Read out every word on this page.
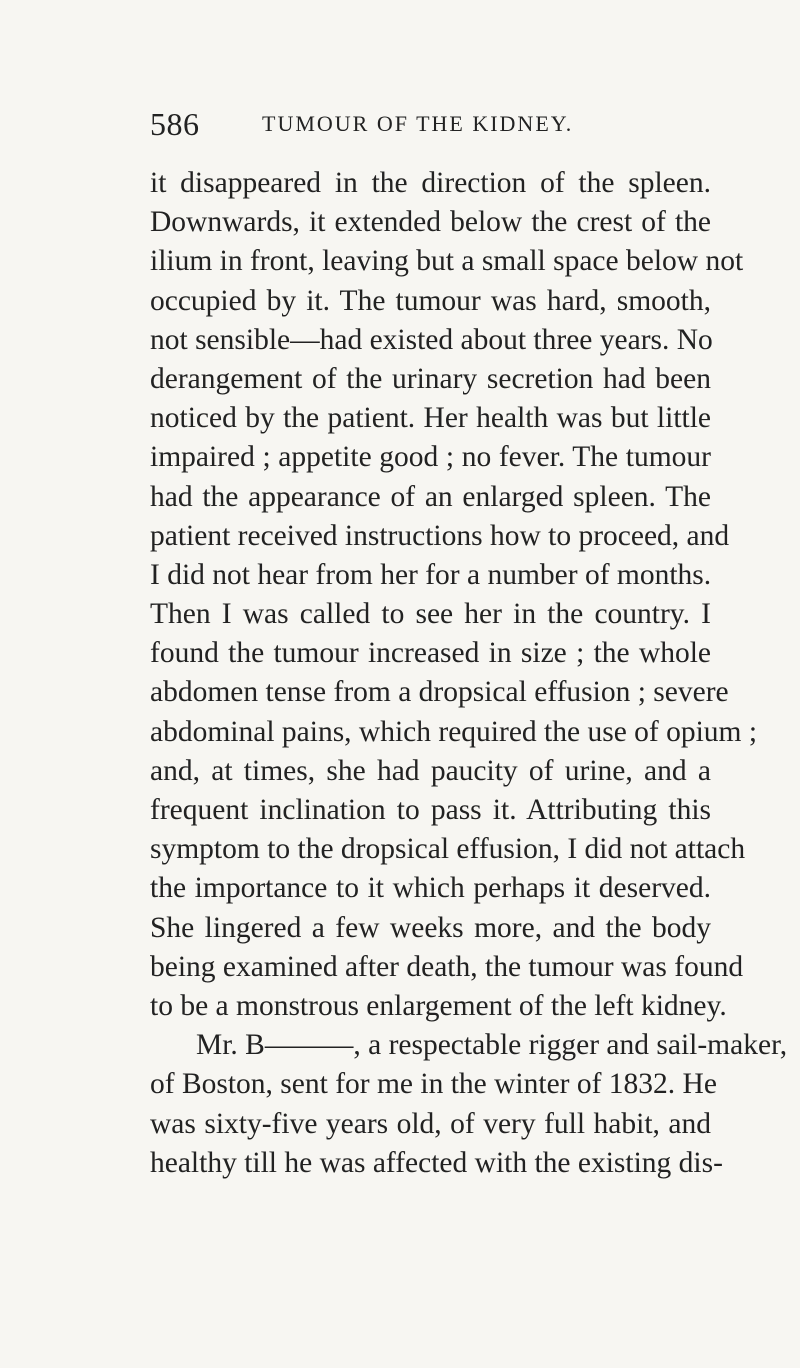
586	TUMOUR OF THE KIDNEY.
it disappeared in the direction of the spleen.
Downwards, it extended below the crest of the
ilium in front, leaving but a small space below not
occupied by it. The tumour was hard, smooth,
not sensible—had existed about three years. No
derangement of the urinary secretion had been
noticed by the patient. Her health was but little
impaired ; appetite good ; no fever. The tumour
had the appearance of an enlarged spleen. The
patient received instructions how to proceed, and
I did not hear from her for a number of months.
Then I was called to see her in the country. I
found the tumour increased in size ; the whole
abdomen tense from a dropsical effusion ; severe
abdominal pains, which required the use of opium ;
and, at times, she had paucity of urine, and a
frequent inclination to pass it. Attributing this
symptom to the dropsical effusion, I did not attach
the importance to it which perhaps it deserved.
She lingered a few weeks more, and the body
being examined after death, the tumour was found
to be a monstrous enlargement of the left kidney.
Mr. B———, a respectable rigger and sail-maker,
of Boston, sent for me in the winter of 1832. He
was sixty-five years old, of very full habit, and
healthy till he was affected with the existing dis-
